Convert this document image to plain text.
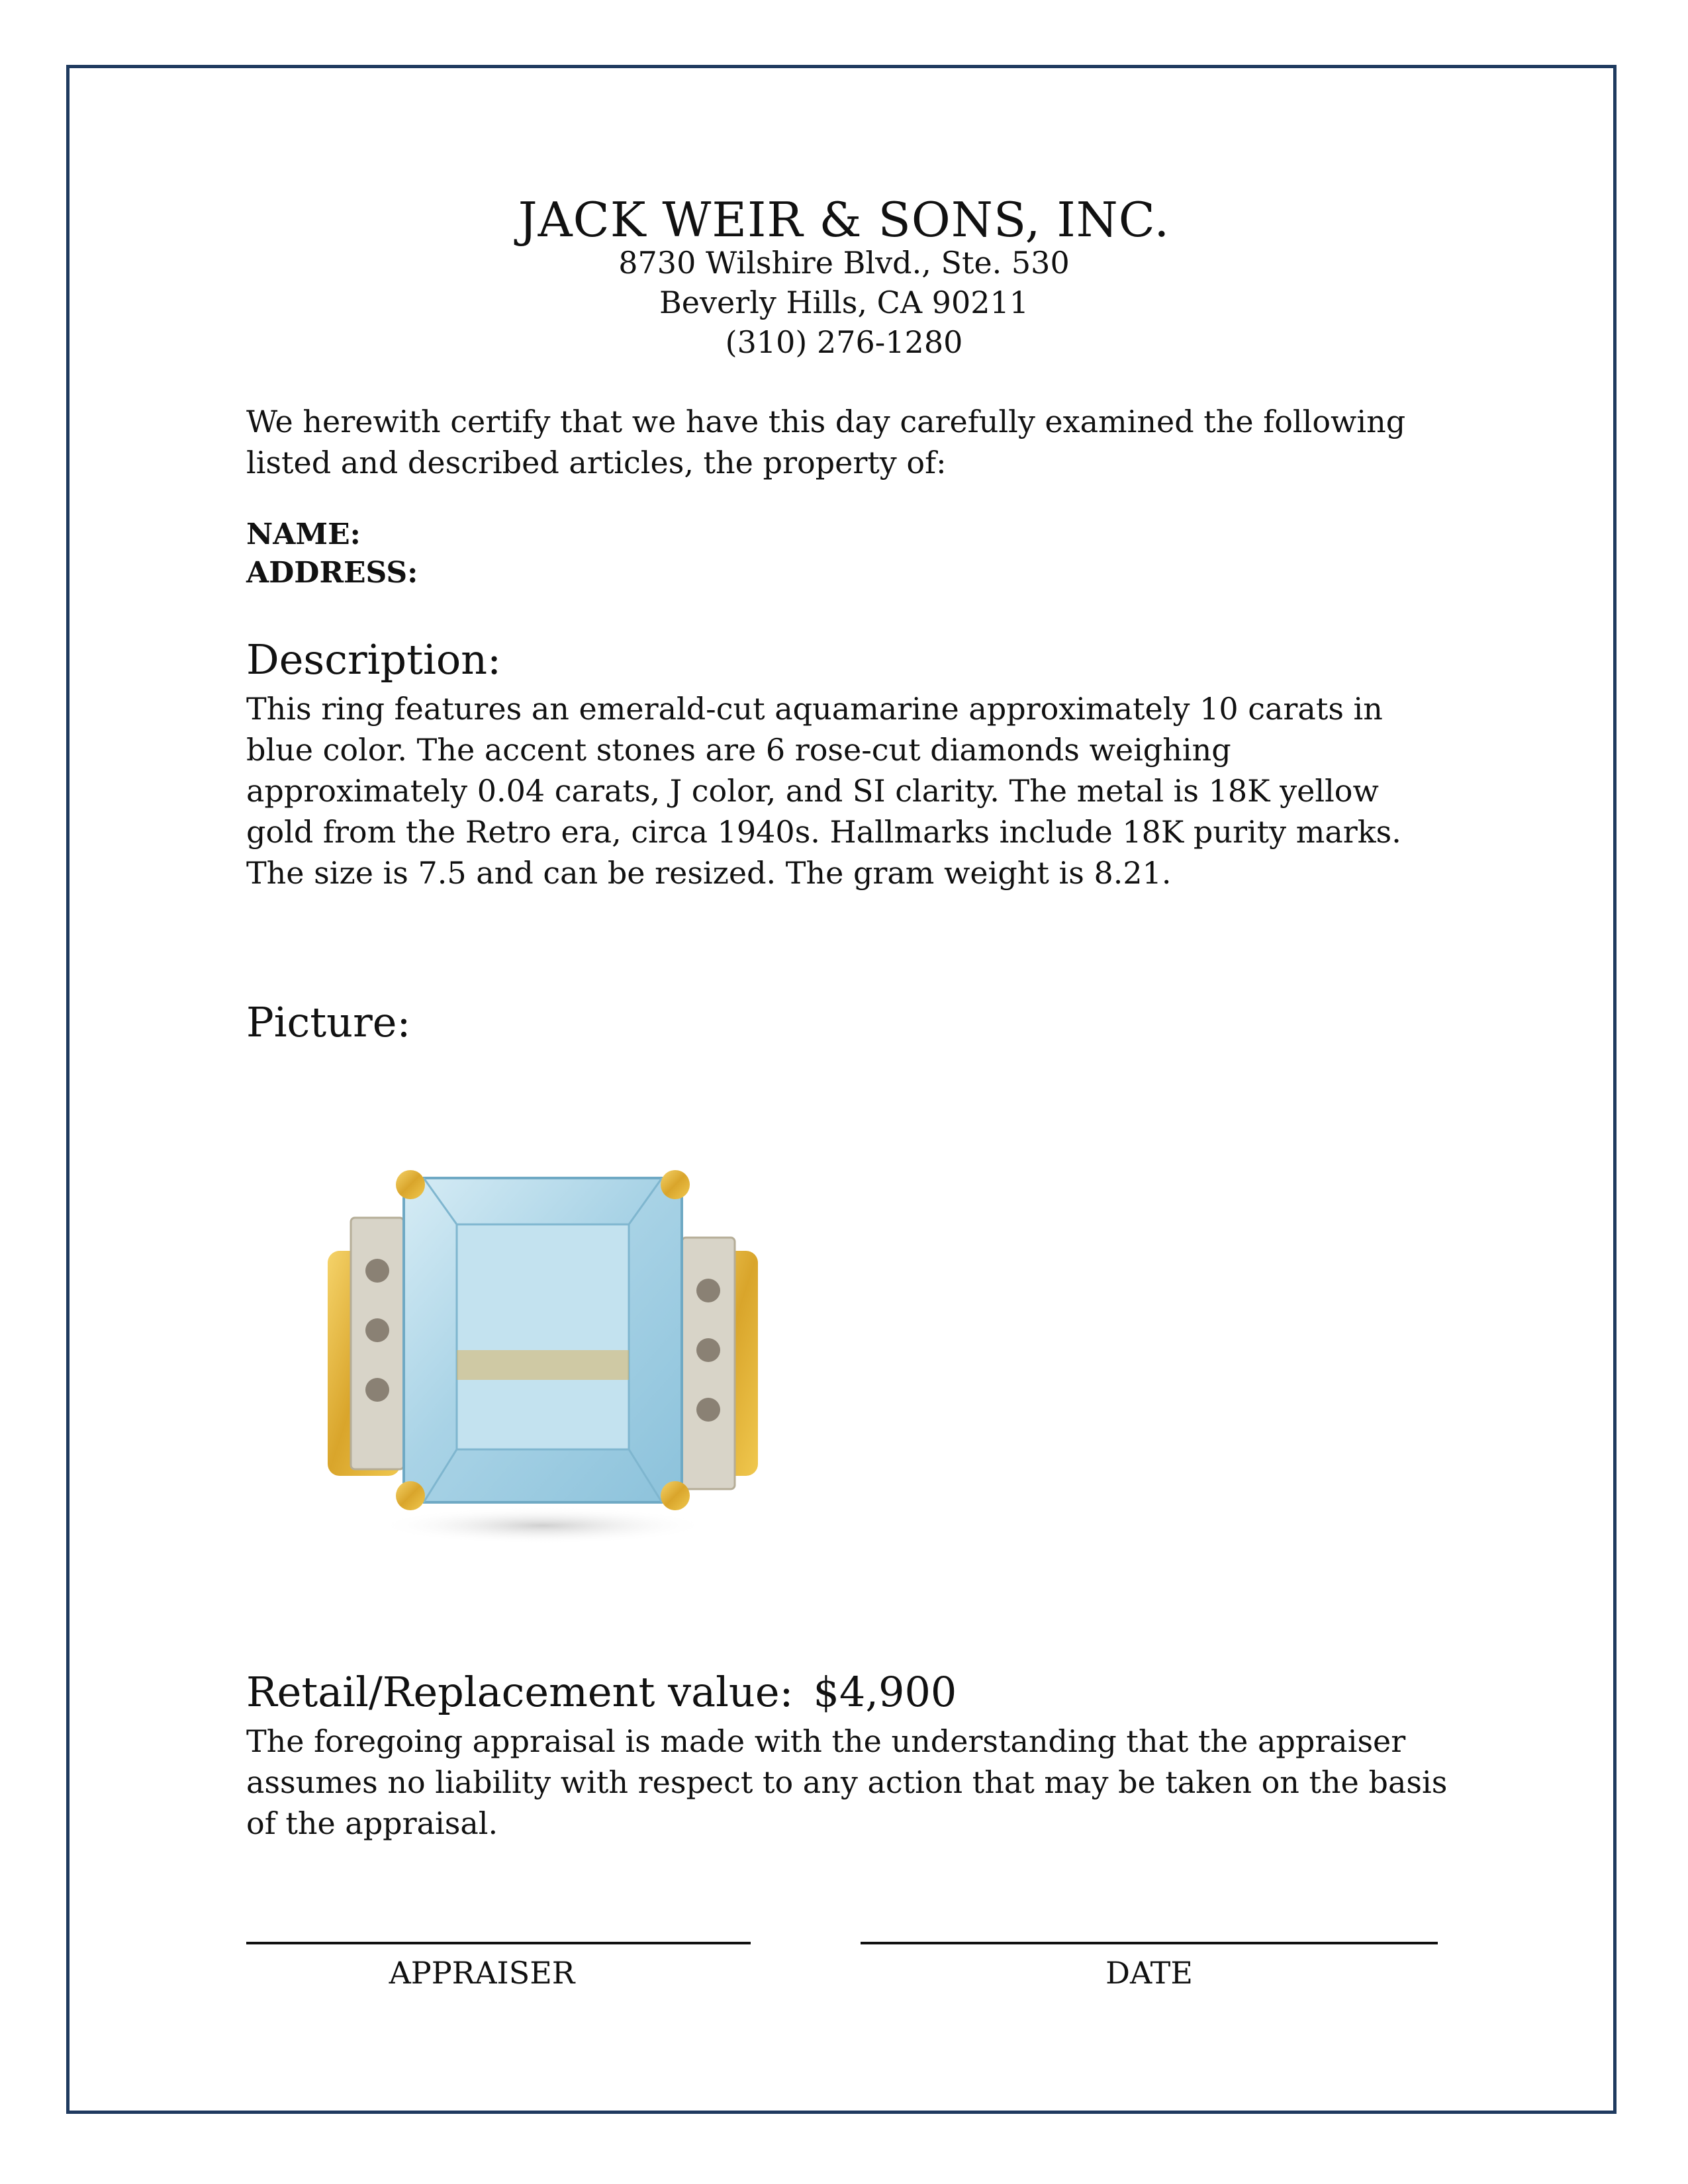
JACK WEIR & SONS, INC.
8730 Wilshire Blvd., Ste. 530
Beverly Hills, CA 90211
(310) 276-1280
We herewith certify that we have this day carefully examined the following listed and described articles, the property of:
NAME:
ADDRESS:
Description:
This ring features an emerald-cut aquamarine approximately 10 carats in blue color. The accent stones are 6 rose-cut diamonds weighing approximately 0.04 carats, J color, and SI clarity. The metal is 18K yellow gold from the Retro era, circa 1940s. Hallmarks include 18K purity marks. The size is 7.5 and can be resized. The gram weight is 8.21.
Picture:
Retail/Replacement value: $4,900
The foregoing appraisal is made with the understanding that the appraiser assumes no liability with respect to any action that may be taken on the basis of the appraisal.
APPRAISER	DATE
